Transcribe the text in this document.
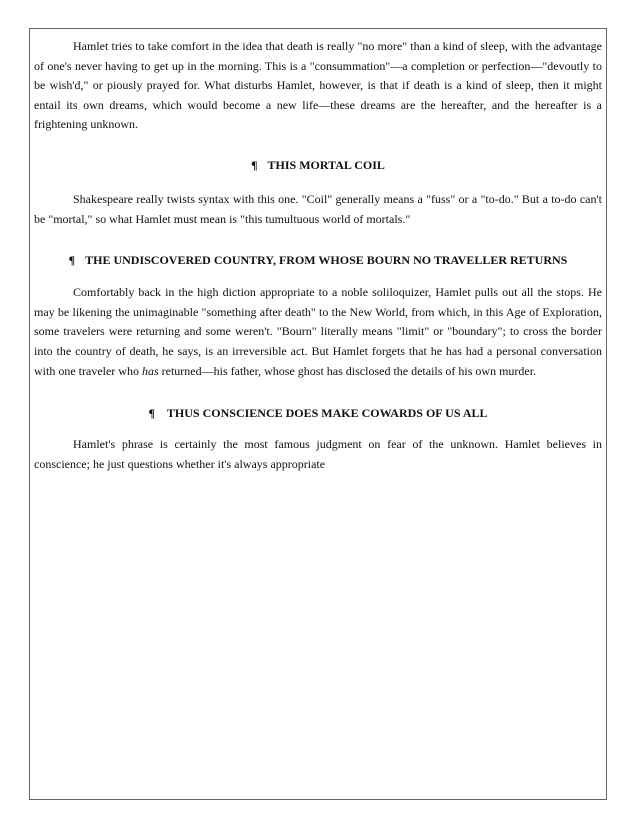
Hamlet tries to take comfort in the idea that death is really "no more" than a kind of sleep, with the advantage of one's never having to get up in the morning. This is a "consummation"—a completion or perfection—"devoutly to be wish'd," or piously prayed for. What disturbs Hamlet, however, is that if death is a kind of sleep, then it might entail its own dreams, which would become a new life—these dreams are the hereafter, and the hereafter is a frightening unknown.

¶ THIS MORTAL COIL

Shakespeare really twists syntax with this one. "Coil" generally means a "fuss" or a "to-do." But a to-do can't be "mortal," so what Hamlet must mean is "this tumultuous world of mortals."

¶ THE UNDISCOVERED COUNTRY, FROM WHOSE BOURN NO TRAVELLER RETURNS

Comfortably back in the high diction appropriate to a noble soliloquizer, Hamlet pulls out all the stops. He may be likening the unimaginable "something after death" to the New World, from which, in this Age of Exploration, some travelers were returning and some weren't. "Bourn" literally means "limit" or "boundary"; to cross the border into the country of death, he says, is an irreversible act. But Hamlet forgets that he has had a personal conversation with one traveler who has returned—his father, whose ghost has disclosed the details of his own murder.

¶ THUS CONSCIENCE DOES MAKE COWARDS OF US ALL

Hamlet's phrase is certainly the most famous judgment on fear of the unknown. Hamlet believes in conscience; he just questions whether it's always appropriate
